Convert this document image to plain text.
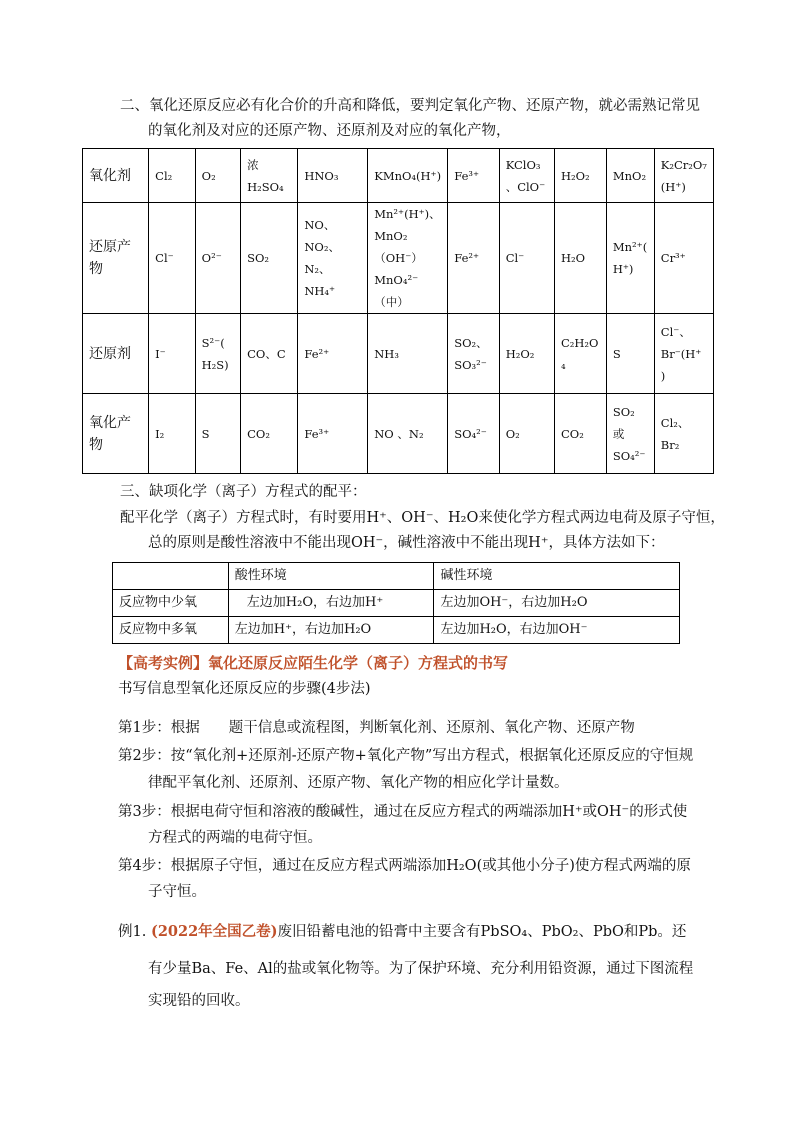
二、氧化还原反应必有化合价的升高和降低，要判定氧化产物、还原产物，就必需熟记常见
的氧化剂及对应的还原产物、还原剂及对应的氧化产物，
氧化剂	Cl₂	O₂	浓H₂SO₄	HNO₃	KMnO₄(H⁺)	Fe³⁺	KClO₃
、ClO⁻	H₂O₂	MnO₂	K₂Cr₂O₇
(H⁺)
还原产物	Cl⁻	O²⁻	SO₂	NO、NO₂、
N₂、NH₄⁺	Mn²⁺(H⁺)、
MnO₂
（OH⁻）
MnO₄²⁻（中）	Fe²⁺	Cl⁻	H₂O	Mn²⁺(
H⁺)	Cr³⁺
还原剂	I⁻	S²⁻(
H₂S)	CO、C	Fe²⁺	NH₃	SO₂、
SO₃²⁻	H₂O₂	C₂H₂O
₄	S	Cl⁻、
Br⁻(H⁺
)
氧化产物	I₂	S	CO₂	Fe³⁺	NO 、N₂	SO₄²⁻	O₂	CO₂	SO₂
或
SO₄²⁻	Cl₂、
Br₂
三、缺项化学（离子）方程式的配平：
配平化学（离子）方程式时，有时要用H⁺、OH⁻、H₂O来使化学方程式两边电荷及原子守恒，
总的原则是酸性溶液中不能出现OH⁻，碱性溶液中不能出现H⁺，具体方法如下：
	酸性环境	碱性环境
反应物中少氧	左边加H₂O，右边加H⁺	左边加OH⁻，右边加H₂O
反应物中多氧	左边加H⁺，右边加H₂O	左边加H₂O，右边加OH⁻
【高考实例】氧化还原反应陌生化学（离子）方程式的书写
书写信息型氧化还原反应的步骤(4步法)
第1步：根据　　题干信息或流程图，判断氧化剂、还原剂、氧化产物、还原产物
第2步：按“氧化剂+还原剂-还原产物+氧化产物”写出方程式，根据氧化还原反应的守恒规
律配平氧化剂、还原剂、还原产物、氧化产物的相应化学计量数。
第3步：根据电荷守恒和溶液的酸碱性，通过在反应方程式的两端添加H⁺或OH⁻的形式使
方程式的两端的电荷守恒。
第4步：根据原子守恒，通过在反应方程式两端添加H₂O(或其他小分子)使方程式两端的原
子守恒。
例1. (2022年全国乙卷)废旧铅蓄电池的铅膏中主要含有PbSO₄、PbO₂、PbO和Pb。还
有少量Ba、Fe、Al的盐或氧化物等。为了保护环境、充分利用铅资源，通过下图流程
实现铅的回收。
